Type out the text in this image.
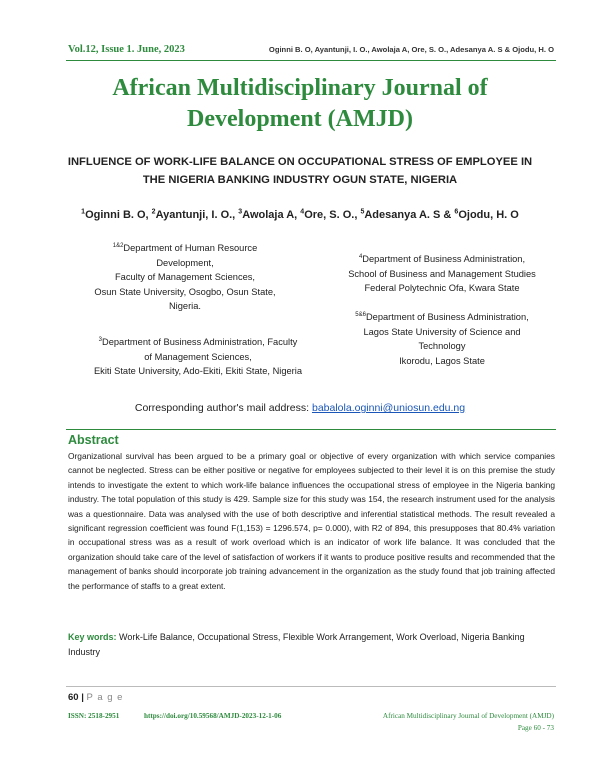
Vol.12, Issue 1. June, 2023	Oginni B. O, Ayantunji, I. O., Awolaja A, Ore, S. O., Adesanya A. S & Ojodu, H. O
African Multidisciplinary Journal of Development (AMJD)
INFLUENCE OF WORK-LIFE BALANCE ON OCCUPATIONAL STRESS OF EMPLOYEE IN THE NIGERIA BANKING INDUSTRY OGUN STATE, NIGERIA
$^1$Oginni B. O, $^2$Ayantunji, I. O., $^3$Awolaja A, $^4$Ore, S. O., $^5$Adesanya A. S & $^6$Ojodu, H. O

$^{1\&2}$Department of Human Resource

Development,

Faculty of Management Sciences,

Osun State University, Osogbo, Osun State,

Nigeria.

$^3$Department of Business Administration, Faculty

of Management Sciences,

Ekiti State University, Ado-Ekiti, Ekiti State, Nigeria

$^4$Department of Business Administration,

School of Business and Management Studies

Federal Polytechnic Ofa, Kwara State

$^{5\&6}$Department of Business Administration,

Lagos State University of Science and

Technology

Ikorodu, Lagos State

Corresponding author's mail address: babalola.oginni@uniosun.edu.ng
Abstract

Organizational survival has been argued to be a primary goal or objective of every organization with which service companies cannot be neglected. Stress can be either positive or negative for employees subjected to their level it is on this premise the study intends to investigate the extent to which work-life balance influences the occupational stress of employee in the Nigeria banking industry. The total population of this study is 429. Sample size for this study was 154, the research instrument used for the analysis was a questionnaire. Data was analysed with the use of both descriptive and inferential statistical methods. The result revealed a significant regression coefficient was found F(1,153) = 1296.574, p= 0.000), with R2 of 894, this presupposes that 80.4% variation in occupational stress was as a result of work overload which is an indicator of work life balance. It was concluded that the organization should take care of the level of satisfaction of workers if it wants to produce positive results and recommended that the management of banks should incorporate job training advancement in the organization as the study found that job training affected the performance of staffs to a great extent.

Key words: Work-Life Balance, Occupational Stress, Flexible Work Arrangement, Work Overload, Nigeria Banking Industry
60 | P a g e
ISSN: 2518-2951	https://doi.org/10.59568/AMJD-2023-12-1-06	African Multidisciplinary Journal of Development (AMJD)
Page 60 - 73
